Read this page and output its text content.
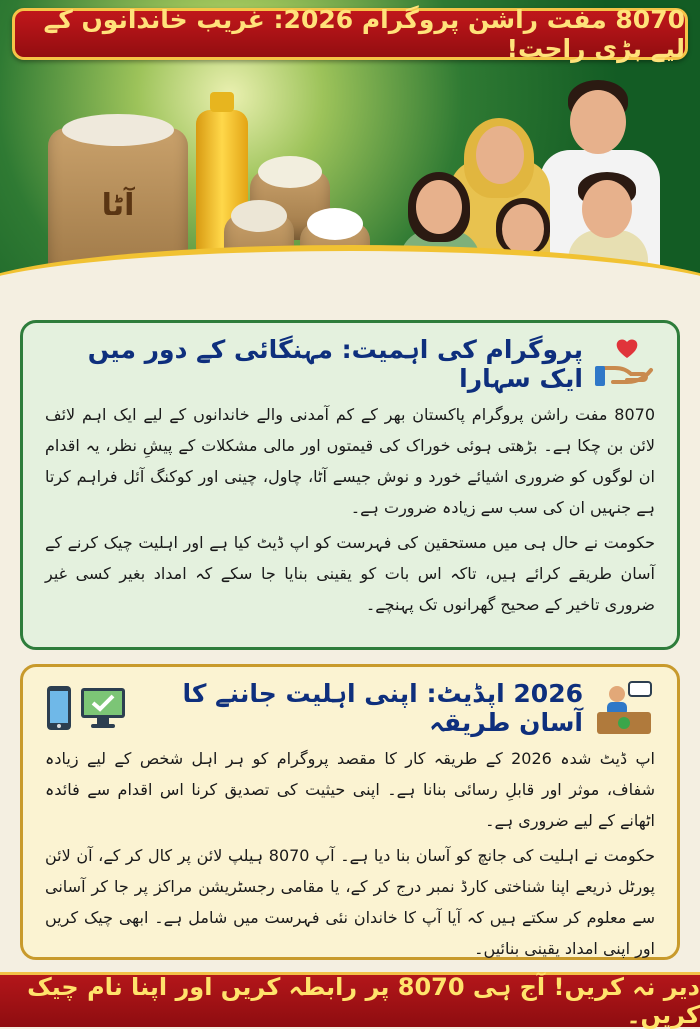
آٹا
8070 مفت راشن پروگرام 2026: غریب خاندانوں کے لیے بڑی راحت!
پروگرام کی اہمیت: مہنگائی کے دور میں ایک سہارا

8070 مفت راشن پروگرام پاکستان بھر کے کم آمدنی والے خاندانوں کے لیے ایک اہم لائف لائن بن چکا ہے۔ بڑھتی ہوئی خوراک کی قیمتوں اور مالی مشکلات کے پیشِ نظر، یہ اقدام ان لوگوں کو ضروری اشیائے خورد و نوش جیسے آٹا، چاول، چینی اور کوکنگ آئل فراہم کرتا ہے جنہیں ان کی سب سے زیادہ ضرورت ہے۔

حکومت نے حال ہی میں مستحقین کی فہرست کو اپ ڈیٹ کیا ہے اور اہلیت چیک کرنے کے آسان طریقے کرائے ہیں، تاکہ اس بات کو یقینی بنایا جا سکے کہ امداد بغیر کسی غیر ضروری تاخیر کے صحیح گھرانوں تک پہنچے۔

2026 اپڈیٹ: اپنی اہلیت جاننے کا آسان طریقہ

اپ ڈیٹ شدہ 2026 کے طریقہ کار کا مقصد پروگرام کو ہر اہل شخص کے لیے زیادہ شفاف، موثر اور قابلِ رسائی بنانا ہے۔ اپنی حیثیت کی تصدیق کرنا اس اقدام سے فائدہ اٹھانے کے لیے ضروری ہے۔

حکومت نے اہلیت کی جانچ کو آسان بنا دیا ہے۔ آپ 8070 ہیلپ لائن پر کال کر کے، آن لائن پورٹل ذریعے اپنا شناختی کارڈ نمبر درج کر کے، یا مقامی رجسٹریشن مراکز پر جا کر آسانی سے معلوم کر سکتے ہیں کہ آیا آپ کا خاندان نئی فہرست میں شامل ہے۔ ابھی چیک کریں اور اپنی امداد یقینی بنائیں۔

دیر نہ کریں! آج ہی 8070 پر رابطہ کریں اور اپنا نام چیک کریں۔
